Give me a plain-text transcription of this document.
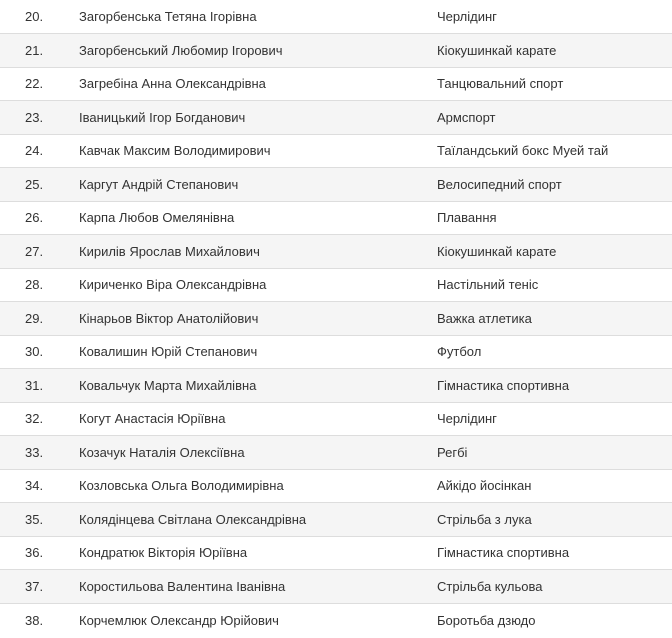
20.	Загорбенська Тетяна Ігорівна	Черлідинг
21.	Загорбенський Любомир Ігорович	Кіокушинкай карате
22.	Загребіна Анна Олександрівна	Танцювальний спорт
23.	Іваницький Ігор Богданович	Армспорт
24.	Кавчак Максим Володимирович	Таїландський бокс Муей тай
25.	Каргут Андрій Степанович	Велосипедний спорт
26.	Карпа Любов Омелянівна	Плавання
27.	Кирилів Ярослав Михайлович	Кіокушинкай карате
28.	Кириченко Віра Олександрівна	Настільний теніс
29.	Кінарьов Віктор Анатолійович	Важка атлетика
30.	Ковалишин Юрій Степанович	Футбол
31.	Ковальчук Марта Михайлівна	Гімнастика спортивна
32.	Когут Анастасія Юріївна	Черлідинг
33.	Козачук Наталія Олексіївна	Регбі
34.	Козловська Ольга Володимирівна	Айкідо йосінкан
35.	Колядінцева Світлана Олександрівна	Стрільба з лука
36.	Кондратюк Вікторія Юріївна	Гімнастика спортивна
37.	Коростильова Валентина Іванівна	Стрільба кульова
38.	Корчемлюк Олександр Юрійович	Боротьба дзюдо
